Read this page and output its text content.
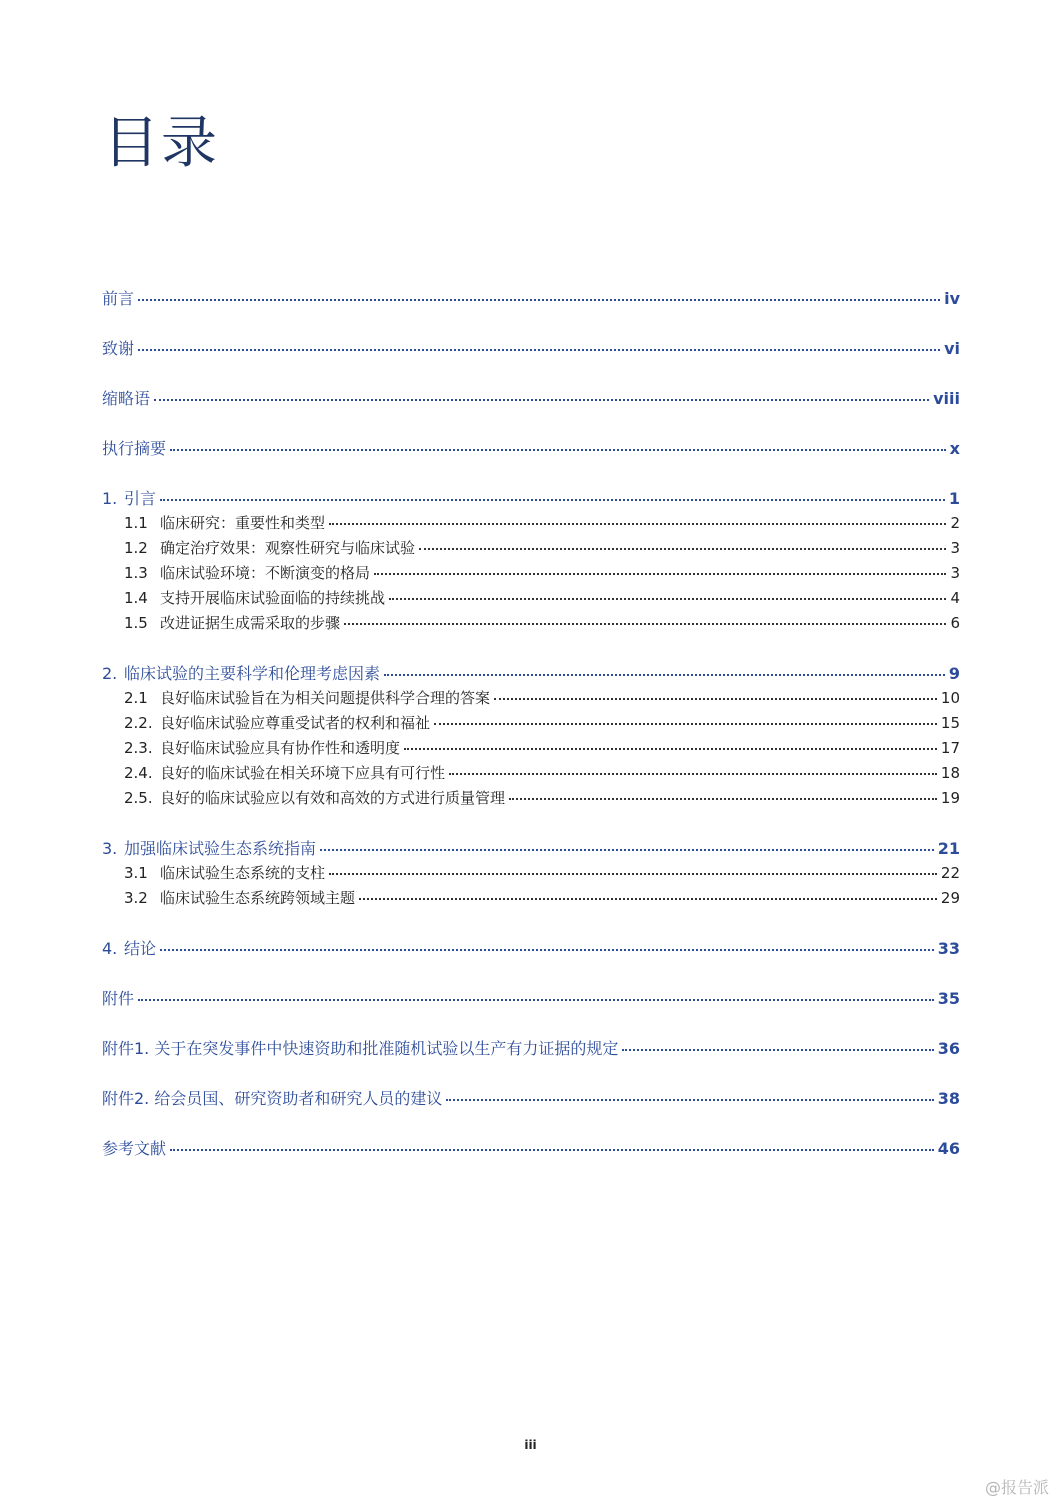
目录
前言	iv
致谢	vi
缩略语	viii
执行摘要	x
1. 引言	1
1.1 临床研究：重要性和类型	2
1.2 确定治疗效果：观察性研究与临床试验	3
1.3 临床试验环境：不断演变的格局	3
1.4 支持开展临床试验面临的持续挑战	4
1.5 改进证据生成需采取的步骤	6
2. 临床试验的主要科学和伦理考虑因素	9
2.1 良好临床试验旨在为相关问题提供科学合理的答案	10
2.2. 良好临床试验应尊重受试者的权利和福祉	15
2.3. 良好临床试验应具有协作性和透明度	17
2.4. 良好的临床试验在相关环境下应具有可行性	18
2.5. 良好的临床试验应以有效和高效的方式进行质量管理	19
3. 加强临床试验生态系统指南	21
3.1 临床试验生态系统的支柱	22
3.2 临床试验生态系统跨领域主题	29
4. 结论	33
附件	35
附件1. 关于在突发事件中快速资助和批准随机试验以生产有力证据的规定	36
附件2. 给会员国、研究资助者和研究人员的建议	38
参考文献	46
iii
@报告派
